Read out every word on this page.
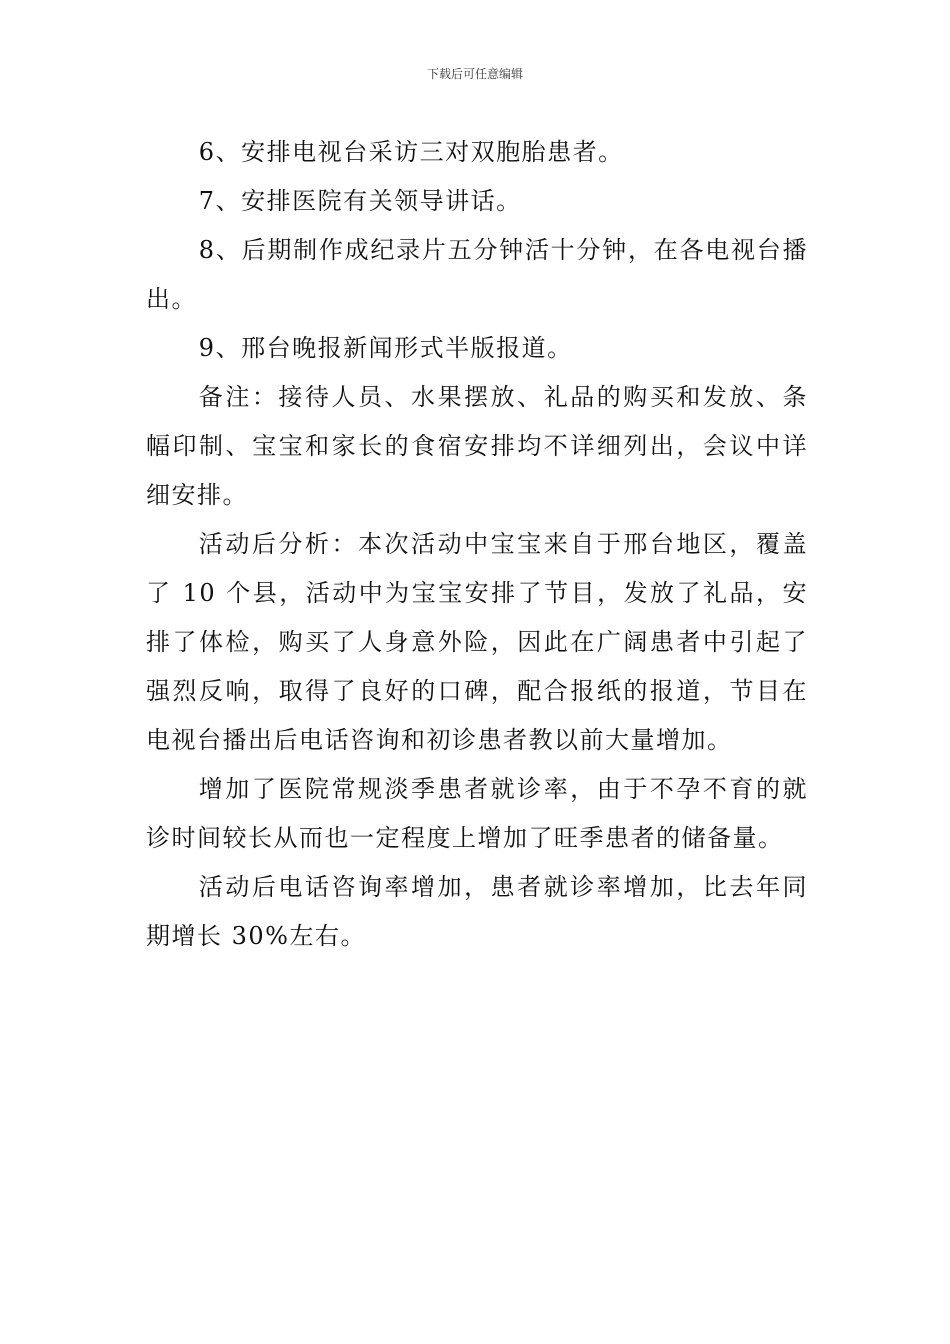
下载后可任意编辑

6、安排电视台采访三对双胞胎患者。

7、安排医院有关领导讲话。

8、后期制作成纪录片五分钟活十分钟，在各电视台播出。

9、邢台晚报新闻形式半版报道。

备注：接待人员、水果摆放、礼品的购买和发放、条幅印制、宝宝和家长的食宿安排均不详细列出，会议中详细安排。

活动后分析：本次活动中宝宝来自于邢台地区，覆盖了 10 个县，活动中为宝宝安排了节目，发放了礼品，安排了体检，购买了人身意外险，因此在广阔患者中引起了强烈反响，取得了良好的口碑，配合报纸的报道，节目在电视台播出后电话咨询和初诊患者教以前大量增加。

增加了医院常规淡季患者就诊率，由于不孕不育的就诊时间较长从而也一定程度上增加了旺季患者的储备量。

活动后电话咨询率增加，患者就诊率增加，比去年同期增长 30%左右。
